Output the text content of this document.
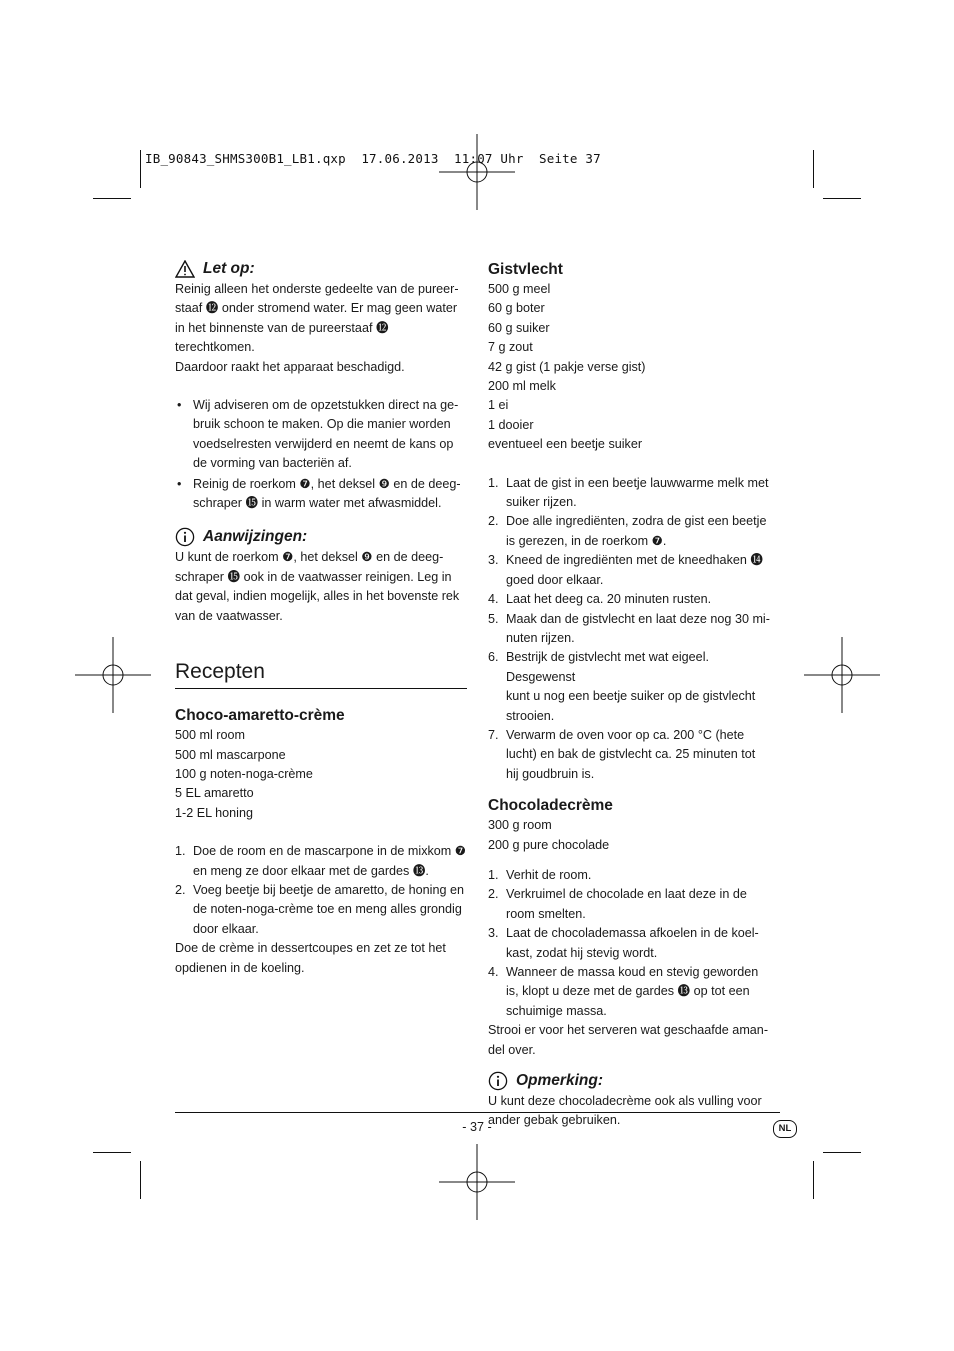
IB_90843_SHMS300B1_LB1.qxp  17.06.2013  11:07 Uhr  Seite 37
Let op:
Reinig alleen het onderste gedeelte van de pureer-
staaf ⓬ onder stromend water. Er mag geen water
in het binnenste van de pureerstaaf ⓬ terechtkomen.
Daardoor raakt het apparaat beschadigd.
• Wij adviseren om de opzetstukken direct na ge-
bruik schoon te maken. Op die manier worden
voedselresten verwijderd en neemt de kans op
de vorming van bacteriën af.
• Reinig de roerkom ❼, het deksel ❾ en de deeg-
schraper ⓯ in warm water met afwasmiddel.
Aanwijzingen:
U kunt de roerkom ❼, het deksel ❾ en de deeg-
schraper ⓯ ook in de vaatwasser reinigen. Leg in
dat geval, indien mogelijk, alles in het bovenste rek
van de vaatwasser.
Recepten

Choco-amaretto-crème

500 ml room
500 ml mascarpone
100 g noten-noga-crème
5 EL amaretto
1-2 EL honing
1. Doe de room en de mascarpone in de mixkom ❼
en meng ze door elkaar met de gardes ⓭.
2. Voeg beetje bij beetje de amaretto, de honing en
de noten-noga-crème toe en meng alles grondig
door elkaar.
Doe de crème in dessertcoupes en zet ze tot het
opdienen in de koeling.

Gistvlecht

500 g meel
60 g boter
60 g suiker
7 g zout
42 g gist (1 pakje verse gist)
200 ml melk
1 ei
1 dooier
eventueel een beetje suiker
1. Laat de gist in een beetje lauwwarme melk met
suiker rijzen.
2. Doe alle ingrediënten, zodra de gist een beetje
is gerezen, in de roerkom ❼.
3. Kneed de ingrediënten met de kneedhaken ⓮
goed door elkaar.
4. Laat het deeg ca. 20 minuten rusten.
5. Maak dan de gistvlecht en laat deze nog 30 mi-
nuten rijzen.
6. Bestrijk de gistvlecht met wat eigeel. Desgewenst
kunt u nog een beetje suiker op de gistvlecht
strooien.
7. Verwarm de oven voor op ca. 200 °C (hete
lucht) en bak de gistvlecht ca. 25 minuten tot
hij goudbruin is.

Chocoladecrème

300 g room
200 g pure chocolade
1. Verhit de room.
2. Verkruimel de chocolade en laat deze in de
room smelten.
3. Laat de chocolademassa afkoelen in de koel-
kast, zodat hij stevig wordt.
4. Wanneer de massa koud en stevig geworden
is, klopt u deze met de gardes ⓭ op tot een
schuimige massa.
Strooi er voor het serveren wat geschaafde aman-
del over.
Opmerking:
U kunt deze chocoladecrème ook als vulling voor
ander gebak gebruiken.
- 37 -	NL
